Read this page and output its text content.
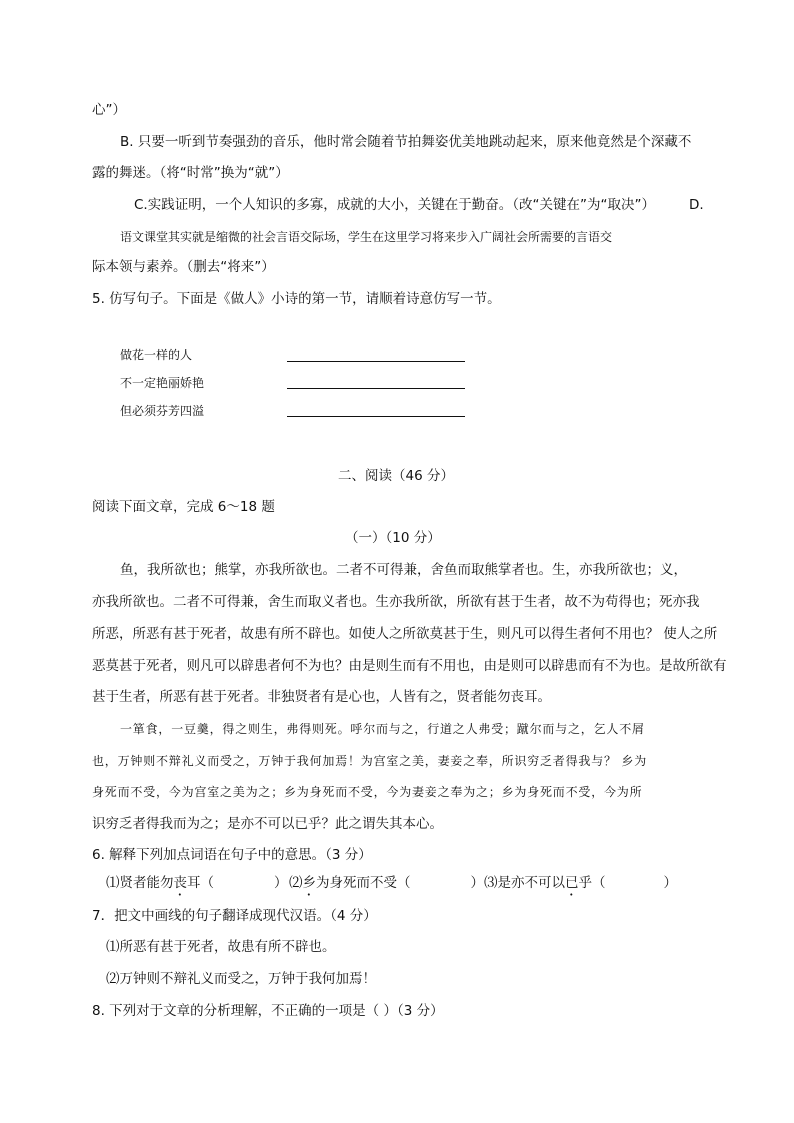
心”）
B. 只要一听到节奏强劲的音乐，他时常会随着节拍舞姿优美地跳动起来，原来他竟然是个深藏不
露的舞迷。（将“时常”换为“就”）
C.实践证明，一个人知识的多寡，成就的大小，关键在于勤奋。（改“关键在”为“取决”）	D.
语文课堂其实就是缩微的社会言语交际场，学生在这里学习将来步入广阔社会所需要的言语交
际本领与素养。（删去“将来”）
5. 仿写句子。下面是《做人》小诗的第一节，请顺着诗意仿写一节。
做花一样的人
不一定艳丽娇艳
但必须芬芳四溢
二、阅读（46 分）
阅读下面文章，完成 6～18 题
（一）（10 分）
鱼，我所欲也；熊掌，亦我所欲也。二者不可得兼，舍鱼而取熊掌者也。生，亦我所欲也；义，
亦我所欲也。二者不可得兼，舍生而取义者也。生亦我所欲，所欲有甚于生者，故不为苟得也；死亦我
所恶，所恶有甚于死者，故患有所不辟也。如使人之所欲莫甚于生，则凡可以得生者何不用也？ 使人之所
恶莫甚于死者，则凡可以辟患者何不为也？由是则生而有不用也，由是则可以辟患而有不为也。是故所欲有
甚于生者，所恶有甚于死者。非独贤者有是心也，人皆有之，贤者能勿丧耳。
一箪食，一豆羹，得之则生，弗得则死。呼尔而与之，行道之人弗受；蹴尔而与之，乞人不屑
也，万钟则不辩礼义而受之，万钟于我何加焉！为宫室之美，妻妾之奉，所识穷乏者得我与？ 乡为
身死而不受，今为宫室之美为之；乡为身死而不受，今为妻妾之奉为之；乡为身死而不受，今为所
识穷乏者得我而为之；是亦不可以已乎？此之谓失其本心。
6. 解释下列加点词语在句子中的意思。（3 分）
⑴贤者能勿丧耳（	） ⑵乡为身死而不受（	） ⑶是亦不可以已乎（	）
7．把文中画线的句子翻译成现代汉语。（4 分）
⑴所恶有甚于死者，故患有所不辟也。
⑵万钟则不辩礼义而受之，万钟于我何加焉！
8. 下列对于文章的分析理解，不正确的一项是（ ）（3 分）
